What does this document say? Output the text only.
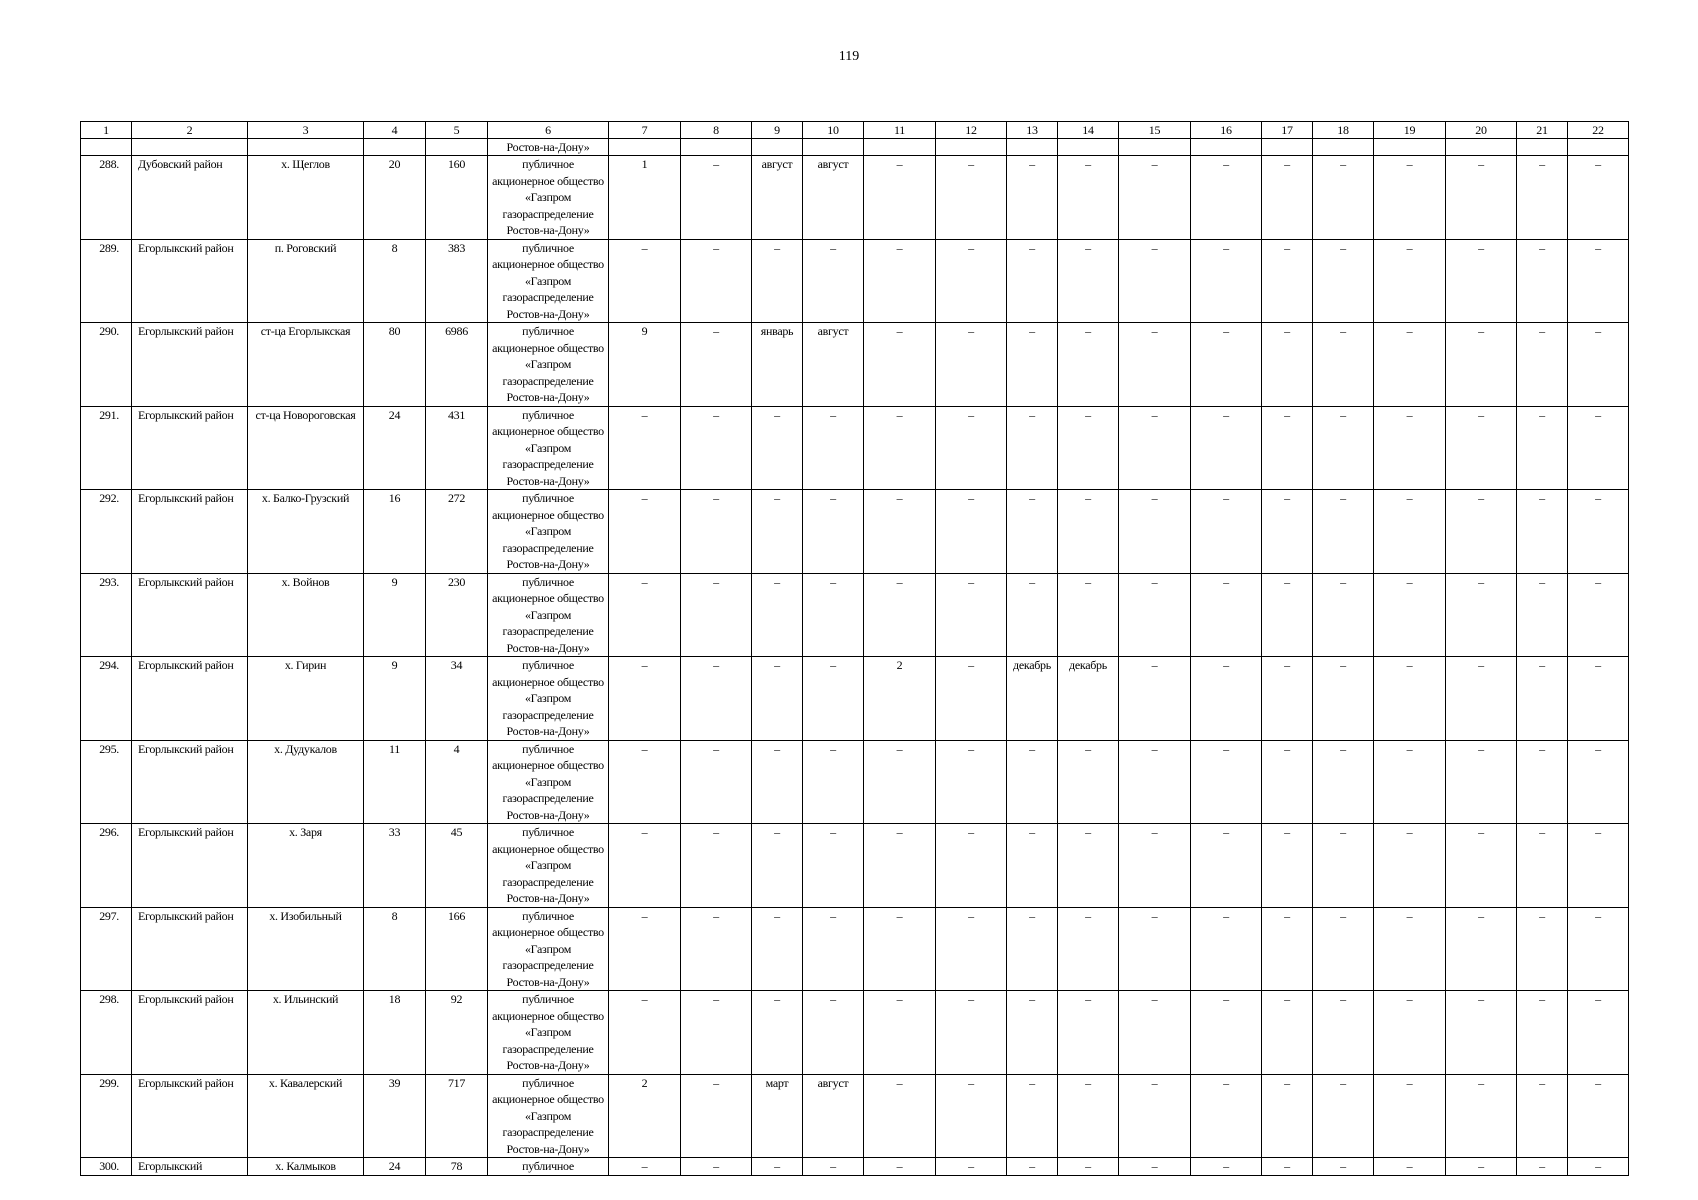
119
1	2	3	4	5	6	7	8	9	10	11	12	13	14	15	16	17	18	19	20	21	22
					Ростов-на-Дону»																
288.	Дубовский район	х. Щеглов	20	160	публичное акционерное общество «Газпром газораспределение Ростов-на-Дону»	1	–	август	август	–	–	–	–	–	–	–	–	–	–	–	–
289.	Егорлыкский район	п. Роговский	8	383	публичное акционерное общество «Газпром газораспределение Ростов-на-Дону»	–	–	–	–	–	–	–	–	–	–	–	–	–	–	–	–
290.	Егорлыкский район	ст-ца Егорлыкская	80	6986	публичное акционерное общество «Газпром газораспределение Ростов-на-Дону»	9	–	январь	август	–	–	–	–	–	–	–	–	–	–	–	–
291.	Егорлыкский район	ст-ца Новороговская	24	431	публичное акционерное общество «Газпром газораспределение Ростов-на-Дону»	–	–	–	–	–	–	–	–	–	–	–	–	–	–	–	–
292.	Егорлыкский район	х. Балко-Грузский	16	272	публичное акционерное общество «Газпром газораспределение Ростов-на-Дону»	–	–	–	–	–	–	–	–	–	–	–	–	–	–	–	–
293.	Егорлыкский район	х. Войнов	9	230	публичное акционерное общество «Газпром газораспределение Ростов-на-Дону»	–	–	–	–	–	–	–	–	–	–	–	–	–	–	–	–
294.	Егорлыкский район	х. Гирин	9	34	публичное акционерное общество «Газпром газораспределение Ростов-на-Дону»	–	–	–	–	2	–	декабрь	декабрь	–	–	–	–	–	–	–	–
295.	Егорлыкский район	х. Дудукалов	11	4	публичное акционерное общество «Газпром газораспределение Ростов-на-Дону»	–	–	–	–	–	–	–	–	–	–	–	–	–	–	–	–
296.	Егорлыкский район	х. Заря	33	45	публичное акционерное общество «Газпром газораспределение Ростов-на-Дону»	–	–	–	–	–	–	–	–	–	–	–	–	–	–	–	–
297.	Егорлыкский район	х. Изобильный	8	166	публичное акционерное общество «Газпром газораспределение Ростов-на-Дону»	–	–	–	–	–	–	–	–	–	–	–	–	–	–	–	–
298.	Егорлыкский район	х. Ильинский	18	92	публичное акционерное общество «Газпром газораспределение Ростов-на-Дону»	–	–	–	–	–	–	–	–	–	–	–	–	–	–	–	–
299.	Егорлыкский район	х. Кавалерский	39	717	публичное акционерное общество «Газпром газораспределение Ростов-на-Дону»	2	–	март	август	–	–	–	–	–	–	–	–	–	–	–	–
300.	Егорлыкский	х. Калмыков	24	78	публичное	–	–	–	–	–	–	–	–	–	–	–	–	–	–	–	–
